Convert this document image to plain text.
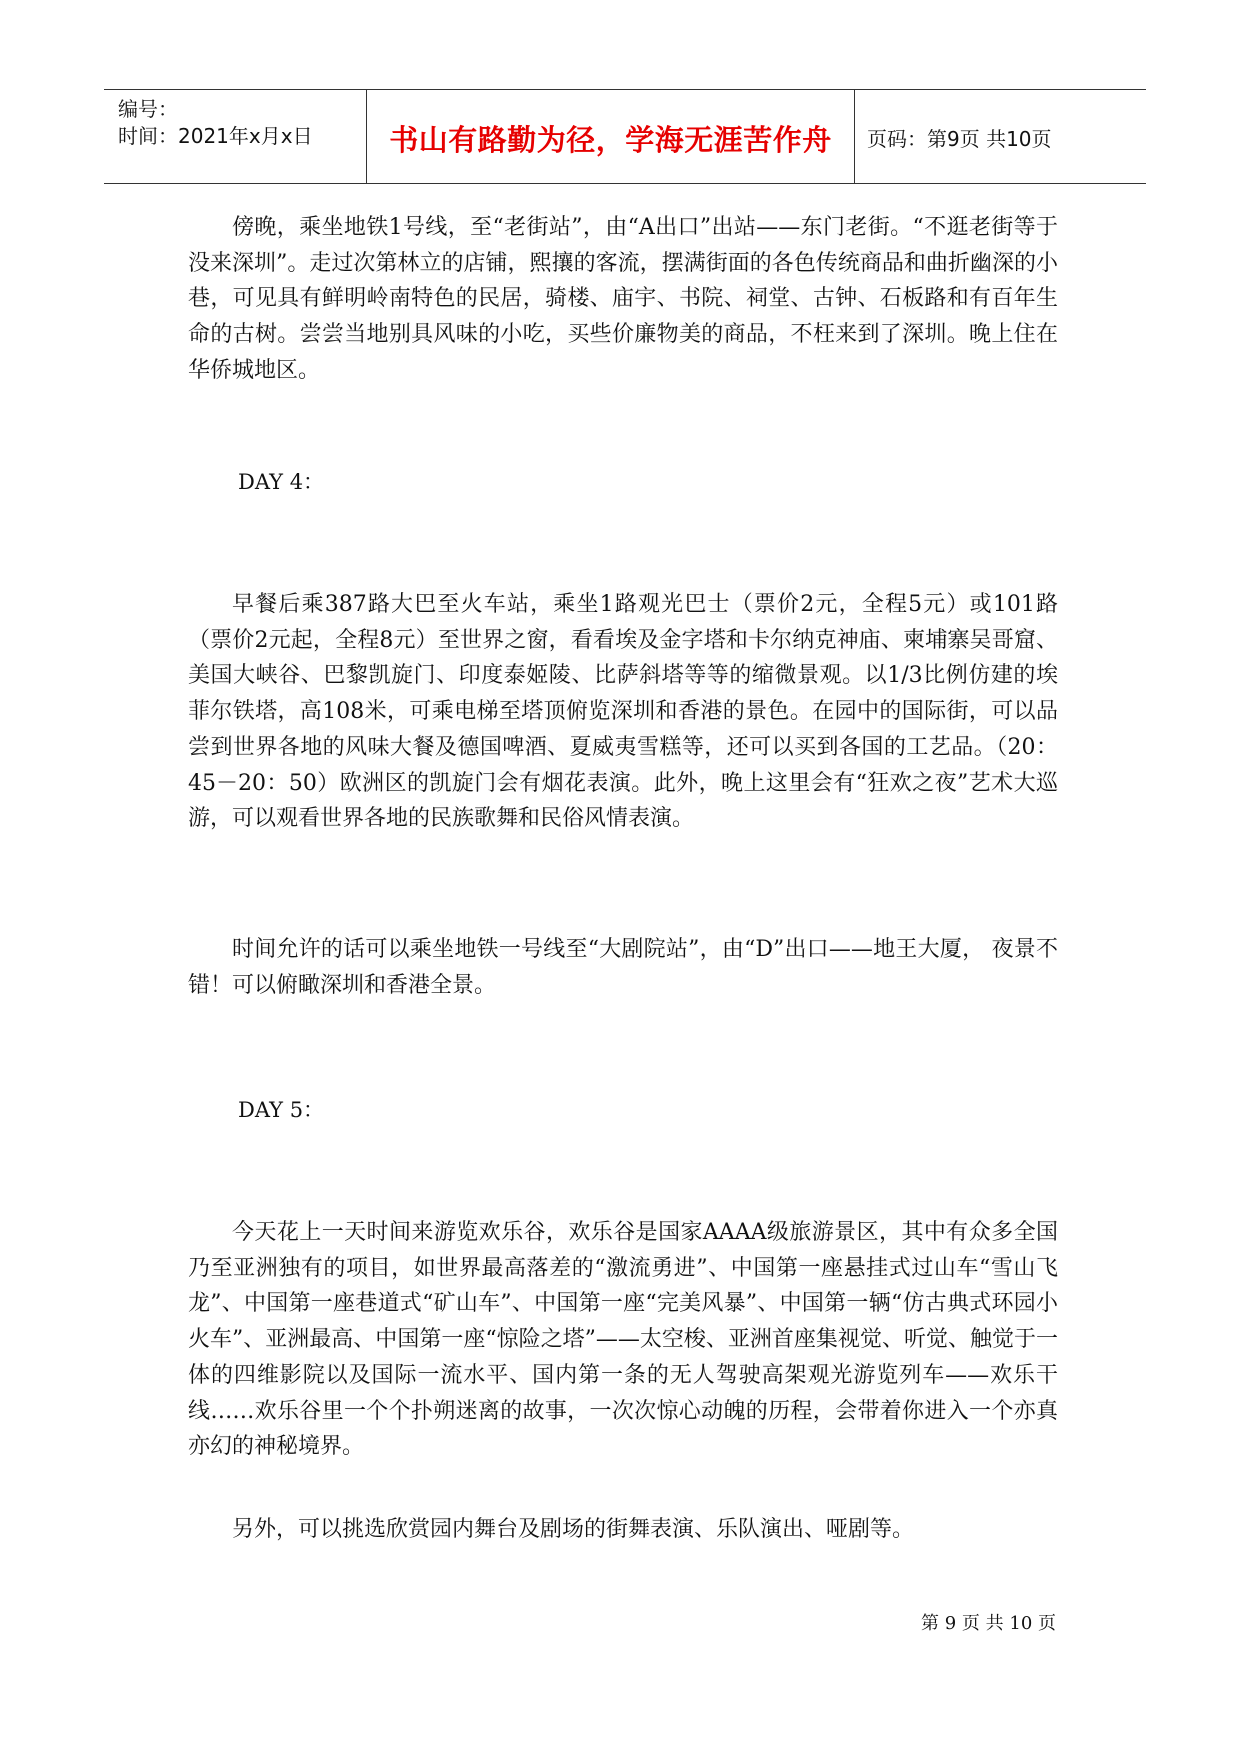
编号：
时间：2021年x月x日	书山有路勤为径，学海无涯苦作舟	页码：第9页 共10页

傍晚，乘坐地铁1号线，至“老街站”，由“A出口”出站——东门老街。“不逛老街等于没来深圳”。走过次第林立的店铺，熙攘的客流，摆满街面的各色传统商品和曲折幽深的小巷，可见具有鲜明岭南特色的民居，骑楼、庙宇、书院、祠堂、古钟、石板路和有百年生命的古树。尝尝当地别具风味的小吃，买些价廉物美的商品，不枉来到了深圳。晚上住在华侨城地区。

DAY 4：

早餐后乘387路大巴至火车站，乘坐1路观光巴士（票价2元，全程5元）或101路（票价2元起，全程8元）至世界之窗，看看埃及金字塔和卡尔纳克神庙、柬埔寨吴哥窟、美国大峡谷、巴黎凯旋门、印度泰姬陵、比萨斜塔等等的缩微景观。以1/3比例仿建的埃菲尔铁塔，高108米，可乘电梯至塔顶俯览深圳和香港的景色。在园中的国际街，可以品尝到世界各地的风味大餐及德国啤酒、夏威夷雪糕等，还可以买到各国的工艺品。（20：45－20：50）欧洲区的凯旋门会有烟花表演。此外，晚上这里会有“狂欢之夜”艺术大巡游，可以观看世界各地的民族歌舞和民俗风情表演。

时间允许的话可以乘坐地铁一号线至“大剧院站”，由“D”出口——地王大厦， 夜景不错！可以俯瞰深圳和香港全景。

DAY 5：

今天花上一天时间来游览欢乐谷，欢乐谷是国家AAAA级旅游景区，其中有众多全国乃至亚洲独有的项目，如世界最高落差的“激流勇进”、中国第一座悬挂式过山车“雪山飞龙”、中国第一座巷道式“矿山车”、中国第一座“完美风暴”、中国第一辆“仿古典式环园小火车”、亚洲最高、中国第一座“惊险之塔”——太空梭、亚洲首座集视觉、听觉、触觉于一体的四维影院以及国际一流水平、国内第一条的无人驾驶高架观光游览列车——欢乐干线……欢乐谷里一个个扑朔迷离的故事，一次次惊心动魄的历程，会带着你进入一个亦真亦幻的神秘境界。

另外，可以挑选欣赏园内舞台及剧场的街舞表演、乐队演出、哑剧等。

第 9 页 共 10 页
